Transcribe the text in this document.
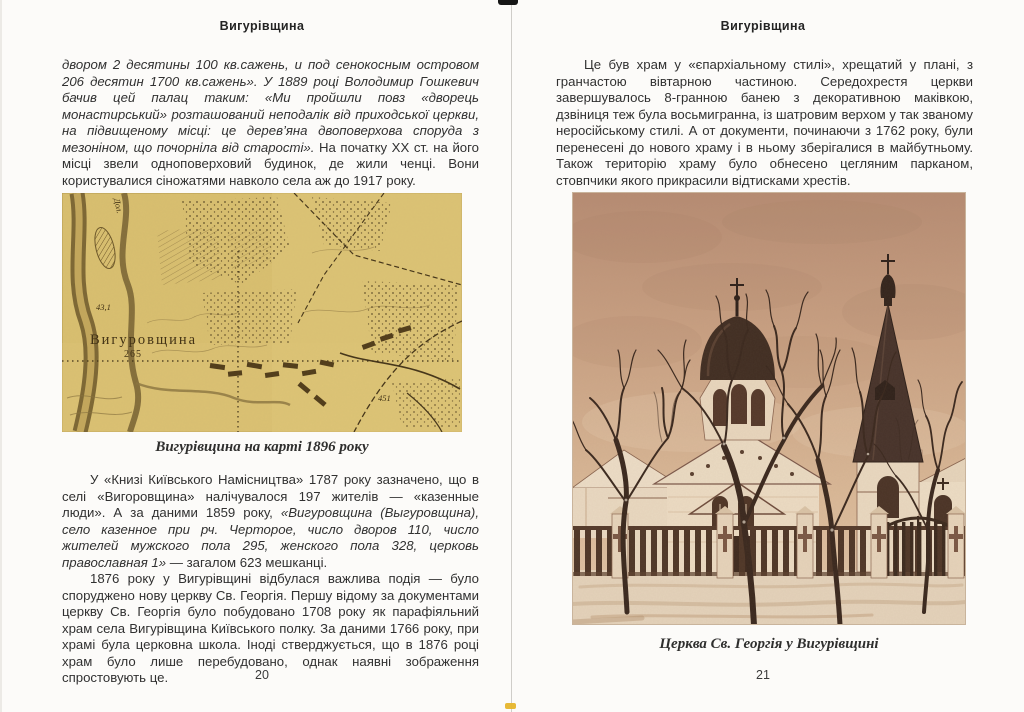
Вигурівщина

двором 2 десятины 100 кв.сажень, и под сенокосным островом 206 десятин 1700 кв.сажень». У 1889 році Володимир Гошкевич бачив цей палац таким: «Ми пройшли повз «дворець монастирський» розташований неподалік від приходської церкви, на підвищеному місці: це дерев’яна двоповерхова споруда з мезоніном, що почорніла від старості». На початку ХХ ст. на його місці звели одноповерховий будинок, де жили ченці. Вони користувалися сіножатями навколо села аж до 1917 року.

Вигурівщина на карті 1896 року

У «Книзі Київського Намісництва» 1787 року зазначено, що в селі «Вигоровщина» налічувалося 197 жителів — «казенные люди». А за даними 1859 року, «Вигуровщина (Выгуровщина), село казенное при рч. Черторое, число дворов 110, число жителей мужского пола 295, женского пола 328, церковь православная 1» — загалом 623 мешканці.

1876 року у Вигурівщині відбулася важлива подія — було споруджено нову церкву Св. Георгія. Першу відому за документами церкву Св. Георгія було побудовано 1708 року як парафіяльний храм села Вигурівщина Київського полку. За даними 1766 року, при храмі була церковна школа. Іноді стверджується, що в 1876 році храм було лише перебудовано, однак наявні зображення спростовують це.	20
Вигурівщина

Це був храм у «єпархіальному стилі», хрещатий у плані, з гранчастою вівтарною частиною. Середохрестя церкви завершувалось 8-гранною банею з декоративною маківкою, дзвіниця теж була восьмигранна, із шатровим верхом у так званому неросійському стилі. А от документи, починаючи з 1762 року, були перенесені до нового храму і в ньому зберігалися в майбутньому. Також територію храму було обнесено цегляним парканом, стовпчики якого прикрасили відтисками хрестів.

Церква Св. Георгія у Вигурівщині
21
